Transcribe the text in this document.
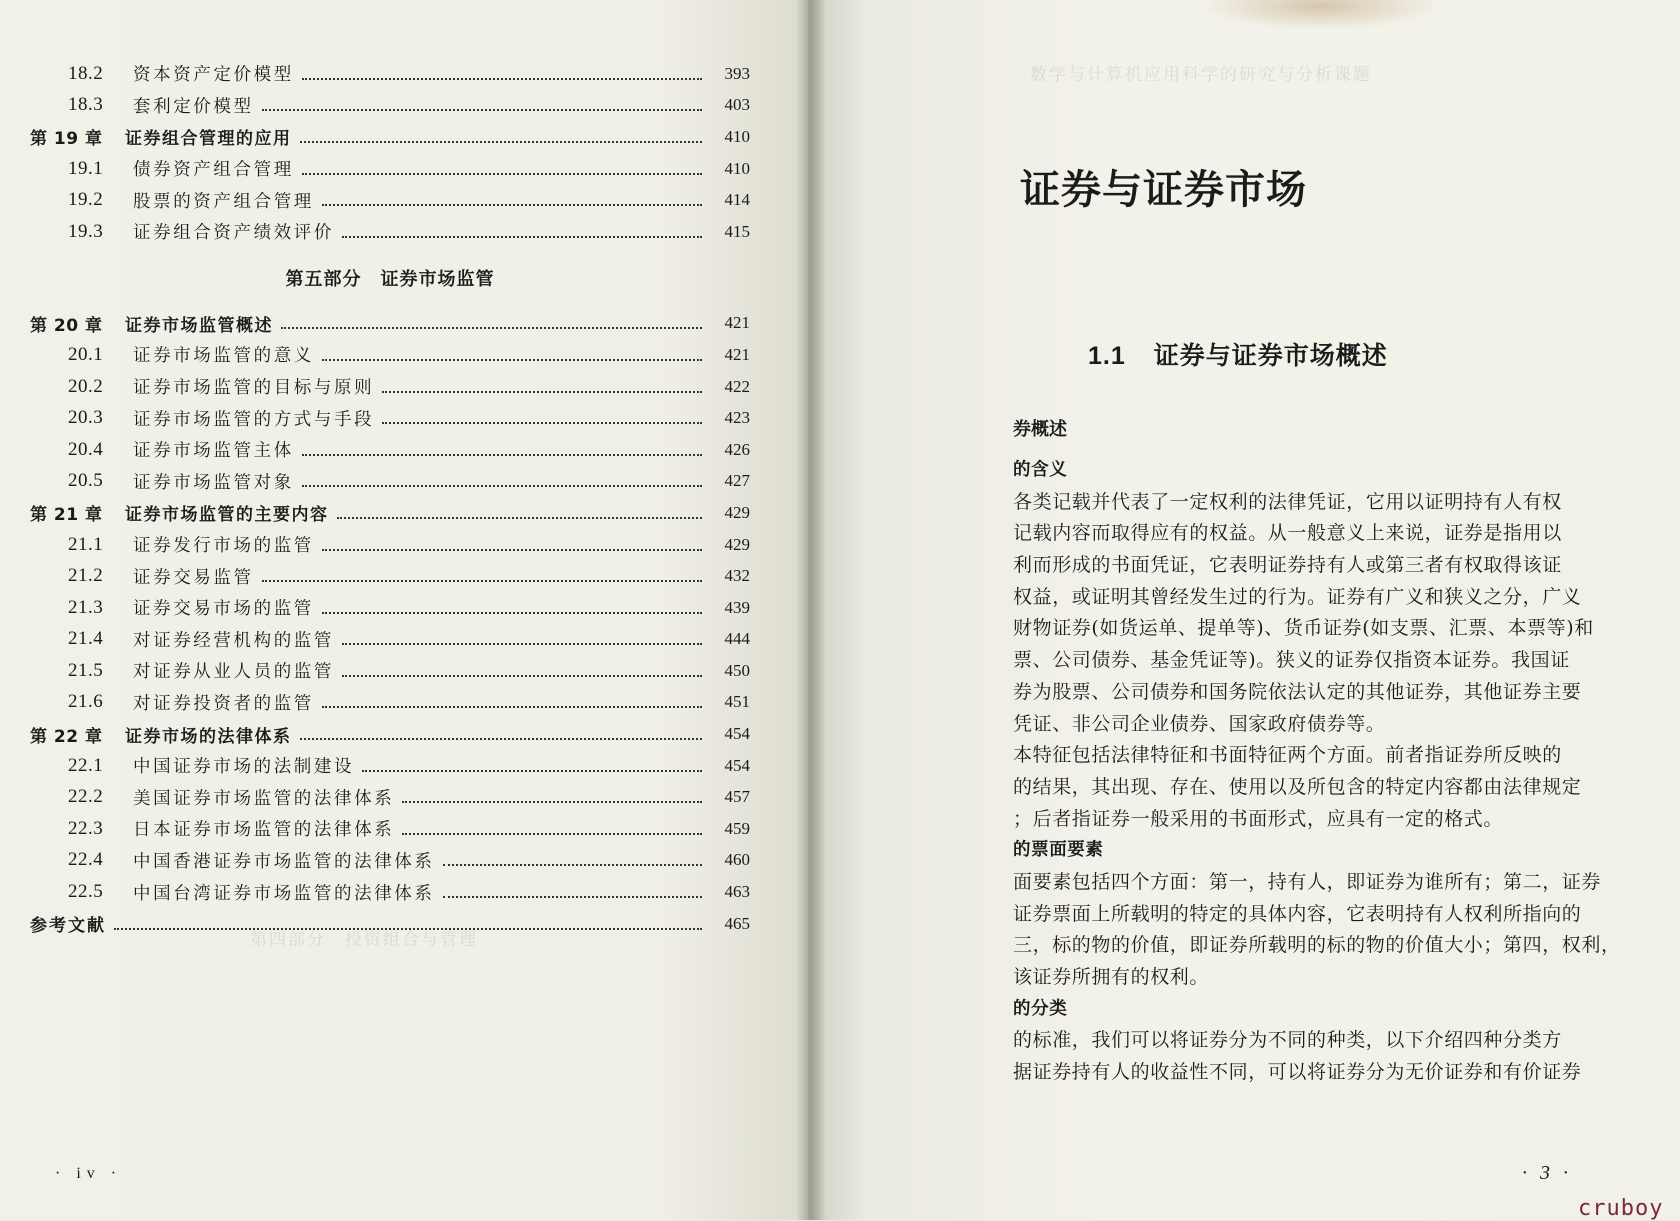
18.2	资本资产定价模型	393
18.3	套利定价模型	403
第 19 章	证券组合管理的应用	410
19.1	债券资产组合管理	410
19.2	股票的资产组合管理	414
19.3	证券组合资产绩效评价	415
第五部分　证券市场监管
第 20 章	证券市场监管概述	421
20.1	证券市场监管的意义	421
20.2	证券市场监管的目标与原则	422
20.3	证券市场监管的方式与手段	423
20.4	证券市场监管主体	426
20.5	证券市场监管对象	427
第 21 章	证券市场监管的主要内容	429
21.1	证券发行市场的监管	429
21.2	证券交易监管	432
21.3	证券交易市场的监管	439
21.4	对证券经营机构的监管	444
21.5	对证券从业人员的监管	450
21.6	对证券投资者的监管	451
第 22 章	证券市场的法律体系	454
22.1	中国证券市场的法制建设	454
22.2	美国证券市场监管的法律体系	457
22.3	日本证券市场监管的法律体系	459
22.4	中国香港证券市场监管的法律体系	460
22.5	中国台湾证券市场监管的法律体系	463
参考文献	465
· iv ·
证券与证券市场
1.1 证券与证券市场概述
券概述
的含义
各类记载并代表了一定权利的法律凭证，它用以证明持有人有权
记载内容而取得应有的权益。从一般意义上来说，证券是指用以
利而形成的书面凭证，它表明证券持有人或第三者有权取得该证
权益，或证明其曾经发生过的行为。证券有广义和狭义之分，广义
财物证券(如货运单、提单等)、货币证券(如支票、汇票、本票等)和
票、公司债券、基金凭证等)。狭义的证券仅指资本证券。我国证
券为股票、公司债券和国务院依法认定的其他证券，其他证券主要
凭证、非公司企业债券、国家政府债券等。
本特征包括法律特征和书面特征两个方面。前者指证券所反映的
的结果，其出现、存在、使用以及所包含的特定内容都由法律规定
；后者指证券一般采用的书面形式，应具有一定的格式。
的票面要素
面要素包括四个方面：第一，持有人，即证券为谁所有；第二，证券
证券票面上所载明的特定的具体内容，它表明持有人权利所指向的
三，标的物的价值，即证券所载明的标的物的价值大小；第四，权利，
该证券所拥有的权利。
的分类
的标准，我们可以将证券分为不同的种类，以下介绍四种分类方
据证券持有人的收益性不同，可以将证券分为无价证券和有价证券
· 3 ·
cruboy
